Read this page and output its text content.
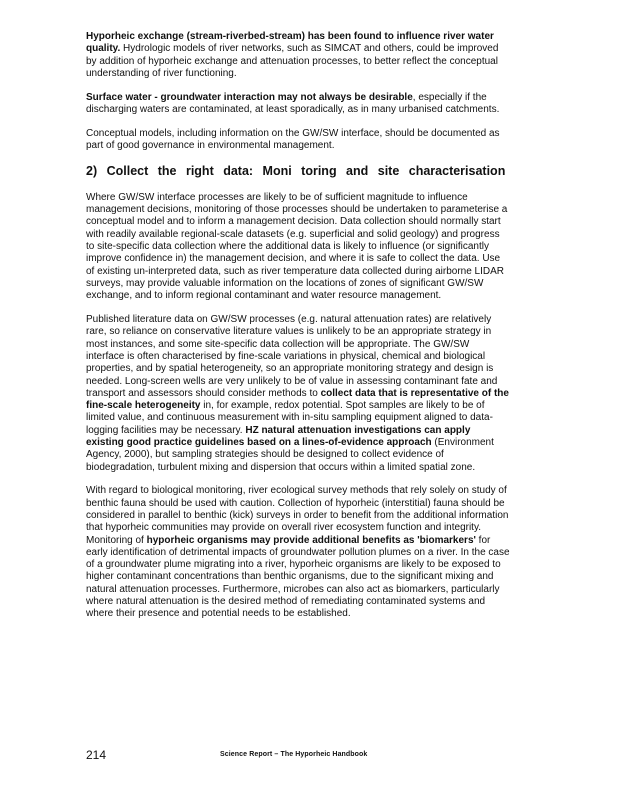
Hyporheic exchange (stream-riverbed-stream) has been found to influence river water quality. Hydrologic models of river networks, such as SIMCAT and others, could be improved by addition of hyporheic exchange and attenuation processes, to better reflect the conceptual understanding of river functioning.

Surface water - groundwater interaction may not always be desirable, especially if the discharging waters are contaminated, at least sporadically, as in many urbanised catchments.

Conceptual models, including information on the GW/SW interface, should be documented as part of good governance in environmental management.

2) Collect the right data: Moni toring and site characterisation

Where GW/SW interface processes are likely to be of sufficient magnitude to influence management decisions, monitoring of those processes should be undertaken to parameterise a conceptual model and to inform a management decision. Data collection should normally start with readily available regional-scale datasets (e.g. superficial and solid geology) and progress to site-specific data collection where the additional data is likely to influence (or significantly improve confidence in) the management decision, and where it is safe to collect the data. Use of existing un-interpreted data, such as river temperature data collected during airborne LIDAR surveys, may provide valuable information on the locations of zones of significant GW/SW exchange, and to inform regional contaminant and water resource management.

Published literature data on GW/SW processes (e.g. natural attenuation rates) are relatively rare, so reliance on conservative literature values is unlikely to be an appropriate strategy in most instances, and some site-specific data collection will be appropriate. The GW/SW interface is often characterised by fine-scale variations in physical, chemical and biological properties, and by spatial heterogeneity, so an appropriate monitoring strategy and design is needed. Long-screen wells are very unlikely to be of value in assessing contaminant fate and transport and assessors should consider methods to collect data that is representative of the fine-scale heterogeneity in, for example, redox potential. Spot samples are likely to be of limited value, and continuous measurement with in-situ sampling equipment aligned to data-logging facilities may be necessary. HZ natural attenuation investigations can apply existing good practice guidelines based on a lines-of-evidence approach (Environment Agency, 2000), but sampling strategies should be designed to collect evidence of biodegradation, turbulent mixing and dispersion that occurs within a limited spatial zone.

With regard to biological monitoring, river ecological survey methods that rely solely on study of benthic fauna should be used with caution. Collection of hyporheic (interstitial) fauna should be considered in parallel to benthic (kick) surveys in order to benefit from the additional information that hyporheic communities may provide on overall river ecosystem function and integrity. Monitoring of hyporheic organisms may provide additional benefits as 'biomarkers' for early identification of detrimental impacts of groundwater pollution plumes on a river. In the case of a groundwater plume migrating into a river, hyporheic organisms are likely to be exposed to higher contaminant concentrations than benthic organisms, due to the significant mixing and natural attenuation processes. Furthermore, microbes can also act as biomarkers, particularly where natural attenuation is the desired method of remediating contaminated systems and where their presence and potential needs to be established.

214	Science Report – The Hyporheic Handbook
